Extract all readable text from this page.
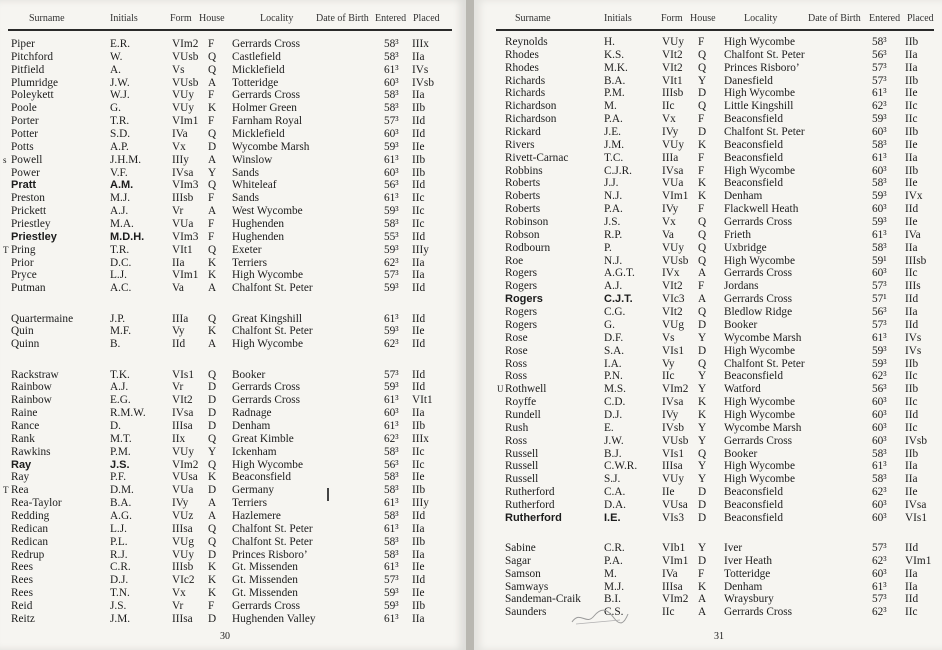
Surname	Initials	Form House	Locality Date of Birth Entered Placed
Piper	E.R.	VIm2 F Gerrards Cross	58³ IIIx
Pitchford	W.	VUsb Q Castlefield	58³ IIa
Pitfield	A.	Vs Q Micklefield	61³ IVs
Plumridge	J.W.	VUsb A Totteridge	60³ IVsb
Poleykett	W.J.	VUy F Gerrards Cross	58³ IIa
Poole	G.	VUy K Holmer Green	58³ IIb
Porter	T.R.	VIm1 F Farnham Royal	57³ IId
Potter	S.D.	IVa Q Micklefield	60³ IId
Potts	A.P.	Vx D Wycombe Marsh	59³ IIe
s Powell	J.H.M.	IIIy A Winslow	61³ IIb
Power	V.F.	IVsa Y Sands	60³ IIb
Pratt	A.M.	VIm3 Q Whiteleaf	56³ IId
Preston	M.J.	IIIsb F Sands	61³ IIc
Prickett	A.J.	Vr A West Wycombe	59³ IIc
Priestley	M.A.	VUa F Hughenden	58³ IIc
Priestley	M.D.H. VIm3 F Hughenden	55³ IId
T Pring	T.R.	VIt1 Q Exeter	59³ IIIy
Prior	D.C.	IIa K Terriers	62³ IIa
Pryce	L.J.	VIm1 K High Wycombe	57³ IIa
Putman	A.C.	Va A Chalfont St. Peter	59³ IId
Quartermaine	J.P.	IIIa Q Great Kingshill	61³ IId
Quin	M.F.	Vy K Chalfont St. Peter	59³ IIe
Quinn	B.	IId A High Wycombe	62³ IId
Rackstraw	T.K.	VIs1 Q Booker	57³ IId
Rainbow	A.J.	Vr D Gerrards Cross	59³ IId
Rainbow	E.G.	VIt2 D Gerrards Cross	61³ VIt1
Raine	R.M.W. IVsa D Radnage	60³ IIa
Rance	D.	IIIsa D Denham	61³ IIb
Rank	M.T.	IIx Q Great Kimble	62³ IIIx
Rawkins	P.M.	VUy Y Ickenham	58³ IIc
Ray	J.S.	VIm2 Q High Wycombe	56³ IIc
Ray	P.F.	VUsa K Beaconsfield	58³ IIe
T Rea	D.M.	VUa D Germany	58³ IIb
Rea-Taylor	B.A.	IVy A Terriers	61³ IIIy
Redding	A.G.	VUz A Hazlemere	58³ IId
Redican	L.J.	IIIsa Q Chalfont St. Peter	61³ IIa
Redican	P.L.	VUg Q Chalfont St. Peter	58³ IIb
Redrup	R.J.	VUy D Princes Risboro’	58³ IIa
Rees	C.R.	IIIsb K Gt. Missenden	61³ IIe
Rees	D.J.	VIc2 K Gt. Missenden	57³ IId
Rees	T.N.	Vx K Gt. Missenden	59³ IIe
Reid	J.S.	Vr F Gerrards Cross	59³ IIb
Reitz	J.M.	IIIsa D Hughenden Valley	61³ IIa
30
Surname	Initials	Form House	Locality	Date of Birth Entered Placed
Reynolds	H.	VUy F High Wycombe	58³ IIb
Rhodes	K.S.	VIt2 Q Chalfont St. Peter	56³ IIa
Rhodes	M.K.	VIt2 Q Princes Risboro’	57³ IIa
Richards	B.A.	VIt1 Y Danesfield	57³ IIb
Richards	P.M.	IIIsb D High Wycombe	61³ IIe
Richardson	M.	IIc Q Little Kingshill	62³ IIc
Richardson	P.A.	Vx F Beaconsfield	59³ IIc
Rickard	J.E.	IVy D Chalfont St. Peter	60³ IIb
Rivers	J.M.	VUy K Beaconsfield	58³ IIe
Rivett-Carnac	T.C.	IIIa F Beaconsfield	61³ IIa
Robbins	C.J.R.	IVsa F High Wycombe	60³ IIb
Roberts	J.J.	VUa K Beaconsfield	58³ IIe
Roberts	N.J.	VIm1 K Denham	59³ IVx
Roberts	P.A.	IVy F Flackwell Heath	60³ IId
Robinson	J.S.	Vx Q Gerrards Cross	59³ IIe
Robson	R.P.	Va Q Frieth	61³ IVa
Rodbourn	P.	VUy Q Uxbridge	58³ IIa
Roe	N.J.	VUsb Q High Wycombe	59¹ IIIsb
Rogers	A.G.T. IVx A Gerrards Cross	60³ IIc
Rogers	A.J.	VIt2 F Jordans	57³ IIIs
Rogers	C.J.T.	VIc3 A Gerrards Cross	57¹ IId
Rogers	C.G.	VIt2 Q Bledlow Ridge	56³ IIa
Rogers	G.	VUg D Booker	57³ IId
Rose	D.F.	Vs Y Wycombe Marsh	61³ IVs
Rose	S.A.	VIs1 D High Wycombe	59³ IVs
Ross	I.A.	Vy Q Chalfont St. Peter	59³ IIb
Ross	P.N.	IIc Y Beaconsfield	62³ IIc
U Rothwell	M.S.	VIm2 Y Watford	56³ IIb
Royffe	C.D.	IVsa K High Wycombe	60³ IIc
Rundell	D.J.	IVy K High Wycombe	60³ IId
Rush	E.	IVsb Y Wycombe Marsh	60³ IIc
Ross	J.W.	VUsb Y Gerrards Cross	60³ IVsb
Russell	B.J.	VIs1 Q Booker	58³ IIb
Russell	C.W.R. IIIsa Y High Wycombe	61³ IIa
Russell	S.J.	VUy Y High Wycombe	58³ IIa
Rutherford	C.A.	IIe D Beaconsfield	62³ IIe
Rutherford	D.A.	VUsa D Beaconsfield	60³ IVsa
Rutherford	I.E.	VIs3 D Beaconsfield	60³ VIs1
Sabine	C.R.	VIb1 Y Iver	57³ IId
Sagar	P.A.	VIm1 D Iver Heath	62³ VIm1
Samson	M.	IVa F Totteridge	60³ IIa
Samways	M.J.	IIIsa K Denham	61³ IIa
Sandeman-Craik B.I.	VIm2 A Wraysbury	57³ IId
Saunders	C.S.	IIc A Gerrards Cross	62³ IIc
31
